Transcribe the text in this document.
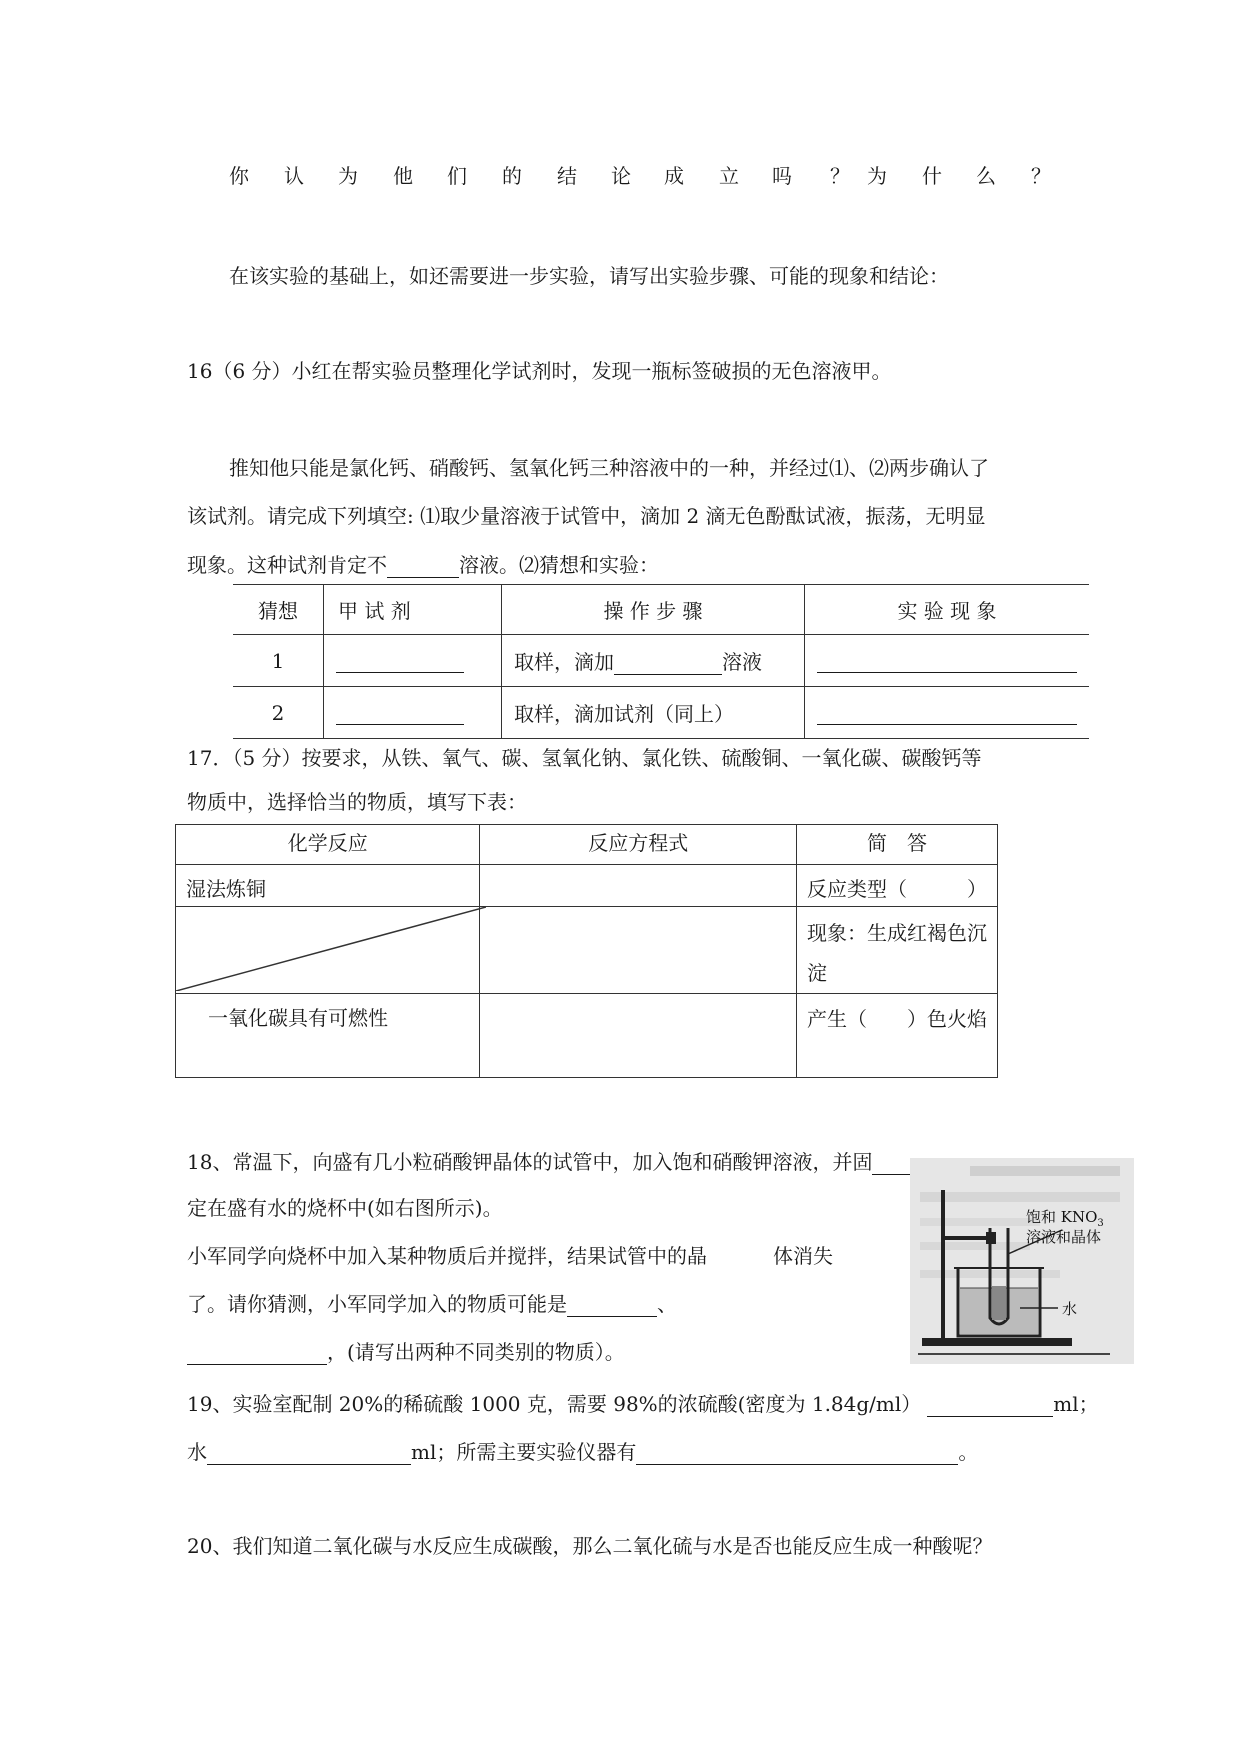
你 认 为 他 们 的 结 论 成 立 吗 ？ 为 什 么 ？
在该实验的基础上，如还需要进一步实验，请写出实验步骤、可能的现象和结论：
16（6 分）小红在帮实验员整理化学试剂时，发现一瓶标签破损的无色溶液甲。
推知他只能是氯化钙、硝酸钙、氢氧化钙三种溶液中的一种，并经过⑴、⑵两步确认了
该试剂。请完成下列填空: ⑴取少量溶液于试管中，滴加 2 滴无色酚酞试液，振荡，无明显
现象。这种试剂肯定不	溶液。⑵猜想和实验：
猜想	甲 试 剂	操 作 步 骤	实 验 现 象
1		取样，滴加 溶液	
2		取样，滴加试剂（同上）	
17．（5 分）按要求，从铁、氧气、碳、氢氧化钠、氯化铁、硫酸铜、一氧化碳、碳酸钙等
物质中，选择恰当的物质，填写下表：
化学反应	反应方程式	简　答
湿法炼铜		反应类型（　　　）

		现象：生成红褐色沉淀
一氧化碳具有可燃性		产生（　　）色火焰
18、常温下，向盛有几小粒硝酸钾晶体的试管中，加入饱和硝酸钾溶液，并固
定在盛有水的烧杯中(如右图所示)。
小军同学向烧杯中加入某种物质后并搅拌，结果试管中的晶	体消失
了。请你猜测，小军同学加入的物质可能是	、
，(请写出两种不同类别的物质）。
饱和 $KNO_3$
溶液和晶体
水
19、实验室配制 20%的稀硫酸 1000 克，需要 98%的浓硫酸(密度为 1.84g/ml）	ml；
水	ml；所需主要实验仪器有	。
20、我们知道二氧化碳与水反应生成碳酸，那么二氧化硫与水是否也能反应生成一种酸呢？
